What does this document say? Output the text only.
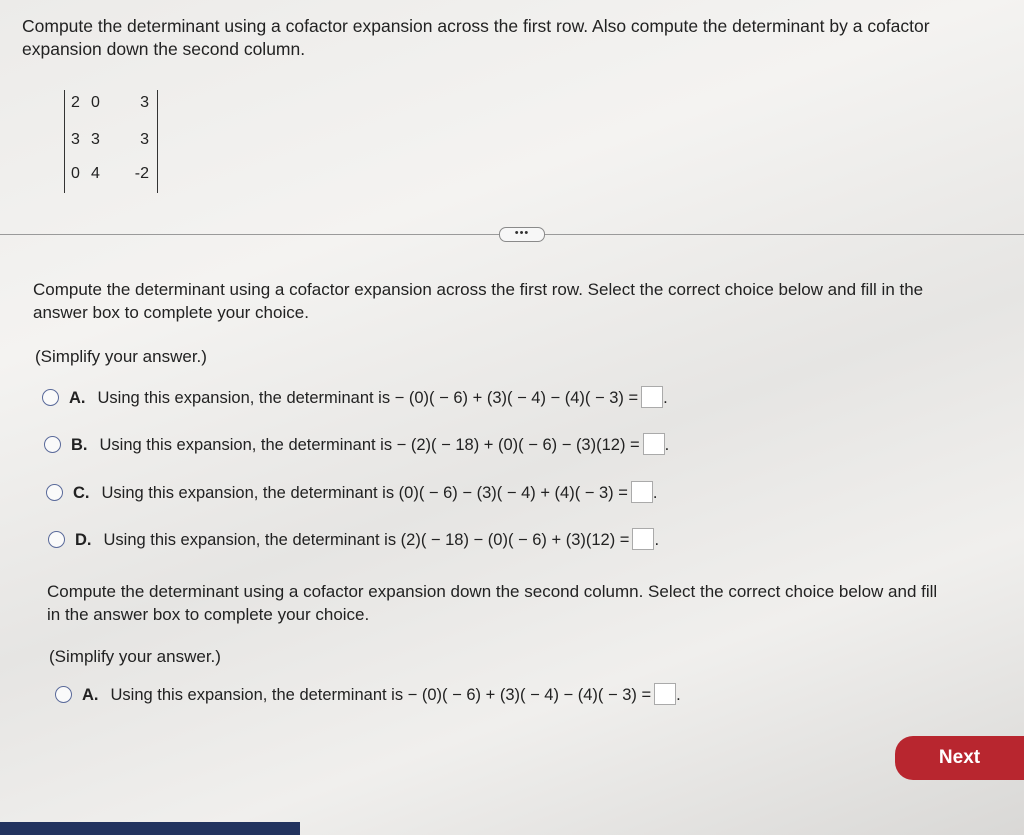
Compute the determinant using a cofactor expansion across the first row. Also compute the determinant by a cofactor
expansion down the second column.
2 0	3
3 3	3
0 4 -2
•••
Compute the determinant using a cofactor expansion across the first row. Select the correct choice below and fill in the
answer box to complete your choice.
(Simplify your answer.)
A. Using this expansion, the determinant is − (0)( − 6) + (3)( − 4) − (4)( − 3) = .
B. Using this expansion, the determinant is − (2)( − 18) + (0)( − 6) − (3)(12) = .
C. Using this expansion, the determinant is (0)( − 6) − (3)( − 4) + (4)( − 3) = .
D. Using this expansion, the determinant is (2)( − 18) − (0)( − 6) + (3)(12) = .
Compute the determinant using a cofactor expansion down the second column. Select the correct choice below and fill
in the answer box to complete your choice.
(Simplify your answer.)
A. Using this expansion, the determinant is − (0)( − 6) + (3)( − 4) − (4)( − 3) = .
Next
